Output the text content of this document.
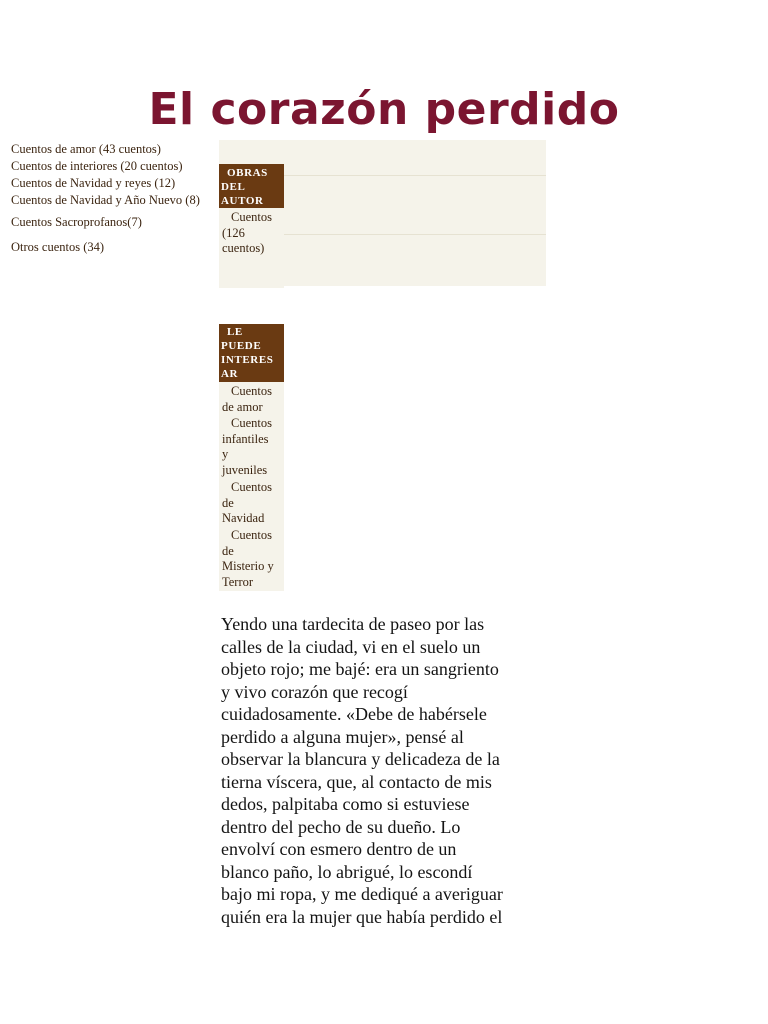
El corazón perdido
Cuentos de amor (43 cuentos)
Cuentos de interiores (20 cuentos)
Cuentos de Navidad y reyes (12)
Cuentos de Navidad y Año Nuevo (8)
Cuentos Sacroprofanos(7)
Otros cuentos (34)
OBRAS
DEL
AUTOR
Cuentos
(126
cuentos)
LE
PUEDE
INTERES
AR
Cuentos
de amor
Cuentos
infantiles
y
juveniles
Cuentos
de
Navidad
Cuentos
de
Misterio y
Terror
Yendo una tardecita de paseo por las
calles de la ciudad, vi en el suelo un
objeto rojo; me bajé: era un sangriento
y vivo corazón que recogí
cuidadosamente. «Debe de habérsele
perdido a alguna mujer», pensé al
observar la blancura y delicadeza de la
tierna víscera, que, al contacto de mis
dedos, palpitaba como si estuviese
dentro del pecho de su dueño. Lo
envolví con esmero dentro de un
blanco paño, lo abrigué, lo escondí
bajo mi ropa, y me dediqué a averiguar
quién era la mujer que había perdido el
